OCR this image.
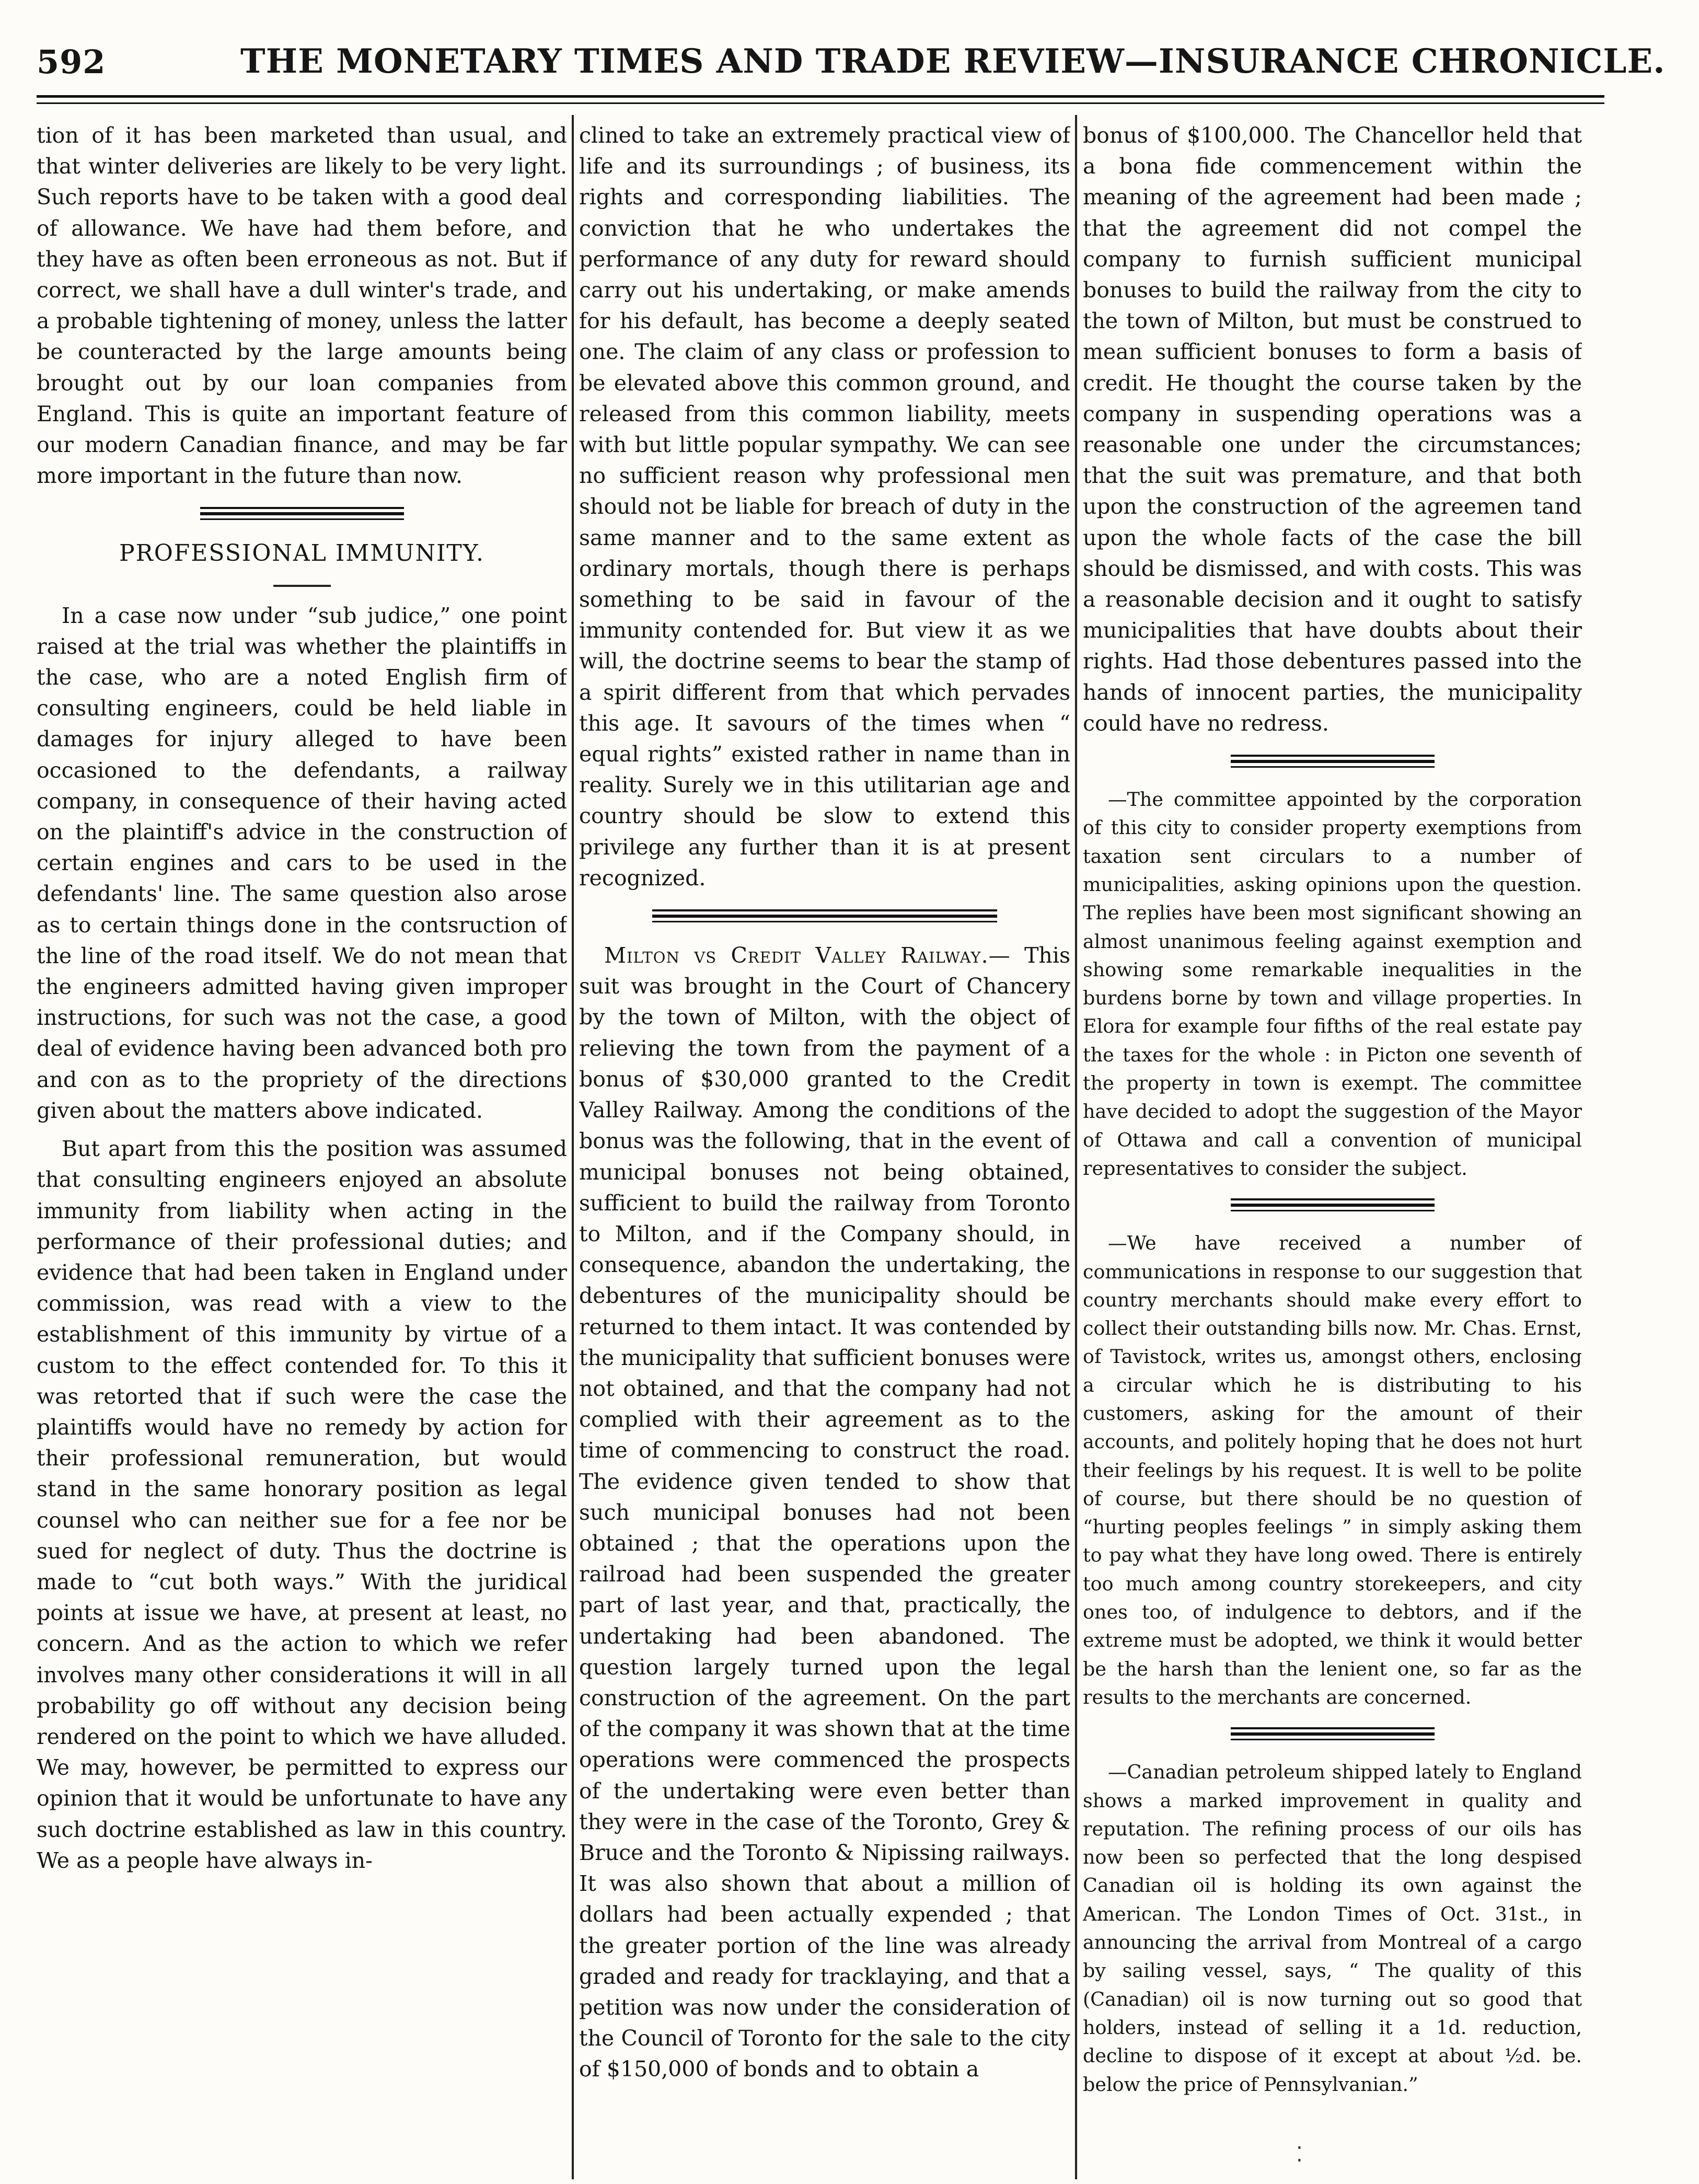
592	THE MONETARY TIMES AND TRADE REVIEW—INSURANCE CHRONICLE.

tion of it has been marketed than usual, and that winter deliveries are likely to be very light. Such reports have to be taken with a good deal of allowance. We have had them before, and they have as often been erroneous as not. But if correct, we shall have a dull winter's trade, and a probable tightening of money, unless the latter be counteracted by the large amounts being brought out by our loan companies from England. This is quite an important feature of our modern Canadian finance, and may be far more important in the future than now.

PROFESSIONAL IMMUNITY.

In a case now under “sub judice,” one point raised at the trial was whether the plaintiffs in the case, who are a noted English firm of consulting engineers, could be held liable in damages for injury alleged to have been occasioned to the defendants, a railway company, in consequence of their having acted on the plaintiff's advice in the construction of certain engines and cars to be used in the defendants' line. The same question also arose as to certain things done in the contsruction of the line of the road itself. We do not mean that the engineers admitted having given improper instructions, for such was not the case, a good deal of evidence having been advanced both pro and con as to the propriety of the directions given about the matters above indicated.

But apart from this the position was assumed that consulting engineers enjoyed an absolute immunity from liability when acting in the performance of their professional duties; and evidence that had been taken in England under commission, was read with a view to the establishment of this immunity by virtue of a custom to the effect contended for. To this it was retorted that if such were the case the plaintiffs would have no remedy by action for their professional remuneration, but would stand in the same honorary position as legal counsel who can neither sue for a fee nor be sued for neglect of duty. Thus the doctrine is made to “cut both ways.” With the juridical points at issue we have, at present at least, no concern. And as the action to which we refer involves many other considerations it will in all probability go off without any decision being rendered on the point to which we have alluded. We may, however, be permitted to express our opinion that it would be unfortunate to have any such doctrine established as law in this country. We as a people have always in-

clined to take an extremely practical view of life and its surroundings ; of business, its rights and corresponding liabilities. The conviction that he who undertakes the performance of any duty for reward should carry out his undertaking, or make amends for his default, has become a deeply seated one. The claim of any class or profession to be elevated above this common ground, and released from this common liability, meets with but little popular sympathy. We can see no sufficient reason why professional men should not be liable for breach of duty in the same manner and to the same extent as ordinary mortals, though there is perhaps something to be said in favour of the immunity contended for. But view it as we will, the doctrine seems to bear the stamp of a spirit different from that which pervades this age. It savours of the times when “ equal rights” existed rather in name than in reality. Surely we in this utilitarian age and country should be slow to extend this privilege any further than it is at present recognized.

Milton vs Credit Valley Railway.— This suit was brought in the Court of Chancery by the town of Milton, with the object of relieving the town from the payment of a bonus of $30,000 granted to the Credit Valley Railway. Among the conditions of the bonus was the following, that in the event of municipal bonuses not being obtained, sufficient to build the railway from Toronto to Milton, and if the Company should, in consequence, abandon the undertaking, the debentures of the municipality should be returned to them intact. It was contended by the municipality that sufficient bonuses were not obtained, and that the company had not complied with their agreement as to the time of commencing to construct the road. The evidence given tended to show that such municipal bonuses had not been obtained ; that the operations upon the railroad had been suspended the greater part of last year, and that, practically, the undertaking had been abandoned. The question largely turned upon the legal construction of the agreement. On the part of the company it was shown that at the time operations were commenced the prospects of the undertaking were even better than they were in the case of the Toronto, Grey & Bruce and the Toronto & Nipissing railways. It was also shown that about a million of dollars had been actually expended ; that the greater portion of the line was already graded and ready for tracklaying, and that a petition was now under the consideration of the Council of Toronto for the sale to the city of $150,000 of bonds and to obtain a

bonus of $100,000. The Chancellor held that a bona fide commencement within the meaning of the agreement had been made ; that the agreement did not compel the company to furnish sufficient municipal bonuses to build the railway from the city to the town of Milton, but must be construed to mean sufficient bonuses to form a basis of credit. He thought the course taken by the company in suspending operations was a reasonable one under the circumstances; that the suit was premature, and that both upon the construction of the agreemen tand upon the whole facts of the case the bill should be dismissed, and with costs. This was a reasonable decision and it ought to satisfy municipalities that have doubts about their rights. Had those debentures passed into the hands of innocent parties, the municipality could have no redress.

—The committee appointed by the corporation of this city to consider property exemptions from taxation sent circulars to a number of municipalities, asking opinions upon the question. The replies have been most significant showing an almost unanimous feeling against exemption and showing some remarkable inequalities in the burdens borne by town and village properties. In Elora for example four fifths of the real estate pay the taxes for the whole : in Picton one seventh of the property in town is exempt. The committee have decided to adopt the suggestion of the Mayor of Ottawa and call a convention of municipal representatives to consider the subject.

—We have received a number of communications in response to our suggestion that country merchants should make every effort to collect their outstanding bills now. Mr. Chas. Ernst, of Tavistock, writes us, amongst others, enclosing a circular which he is distributing to his customers, asking for the amount of their accounts, and politely hoping that he does not hurt their feelings by his request. It is well to be polite of course, but there should be no question of “hurting peoples feelings ” in simply asking them to pay what they have long owed. There is entirely too much among country storekeepers, and city ones too, of indulgence to debtors, and if the extreme must be adopted, we think it would better be the harsh than the lenient one, so far as the results to the merchants are concerned.

—Canadian petroleum shipped lately to England shows a marked improvement in quality and reputation. The refining process of our oils has now been so perfected that the long despised Canadian oil is holding its own against the American. The London Times of Oct. 31st., in announcing the arrival from Montreal of a cargo by sailing vessel, says, “ The quality of this (Canadian) oil is now turning out so good that holders, instead of selling it a 1d. reduction, decline to dispose of it except at about ½d. be. below the price of Pennsylvanian.”

⁚
